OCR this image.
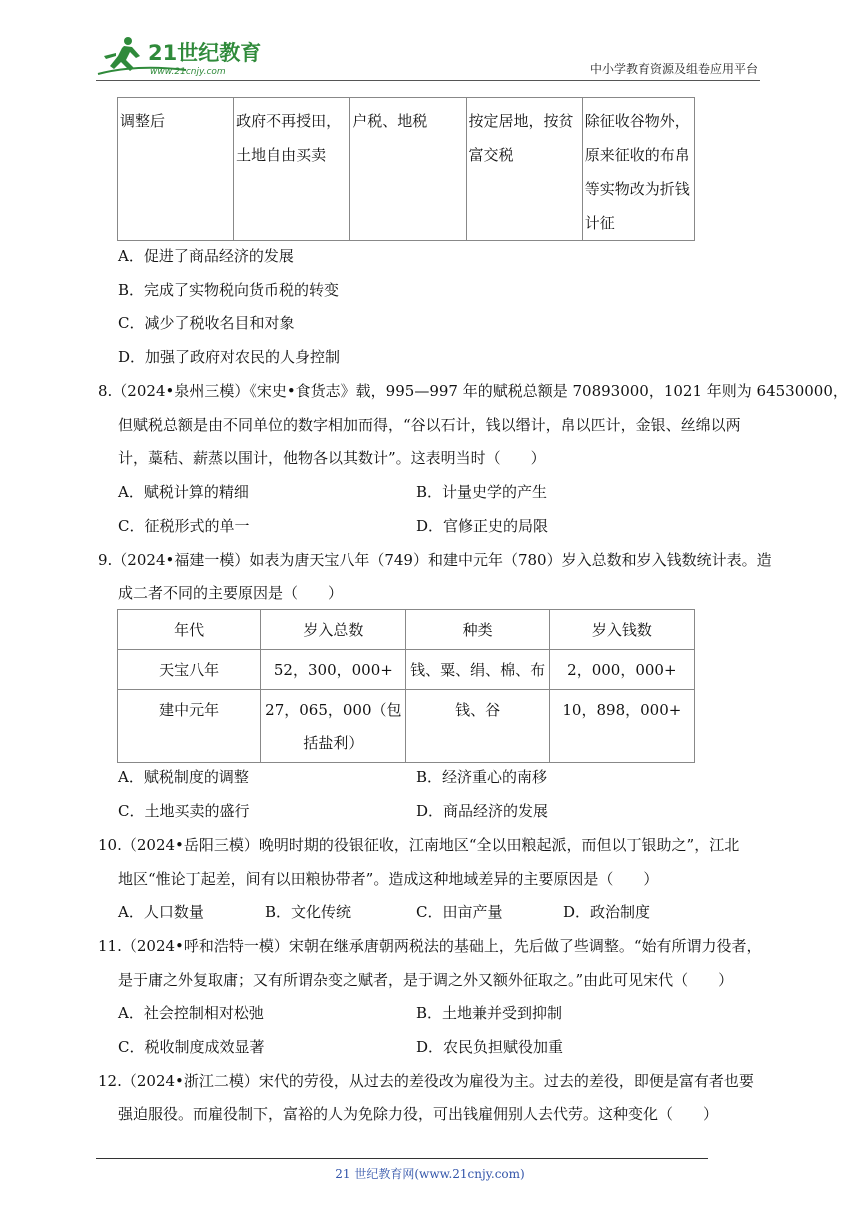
21世纪教育
www.21cnjy.com	中小学教育资源及组卷应用平台
调整后	政府不再授田，土地自由买卖	户税、地税	按定居地，按贫富交税	除征收谷物外，原来征收的布帛等实物改为折钱计征
A．促进了商品经济的发展
B．完成了实物税向货币税的转变
C．减少了税收名目和对象
D．加强了政府对农民的人身控制
8.（2024•泉州三模）《宋史•食货志》载，995—997 年的赋税总额是 70893000，1021 年则为 64530000，
但赋税总额是由不同单位的数字相加而得，“谷以石计，钱以缗计，帛以匹计，金银、丝绵以两
计，藁秸、薪蒸以围计，他物各以其数计”。这表明当时（　　）
A．赋税计算的精细	B．计量史学的产生
C．征税形式的单一	D．官修正史的局限
9.（2024•福建一模）如表为唐天宝八年（749）和建中元年（780）岁入总数和岁入钱数统计表。造
成二者不同的主要原因是（　　）
年代	岁入总数	种类	岁入钱数
天宝八年	52，300，000+	钱、粟、绢、棉、布	2，000，000+
建中元年	27，065，000（包括盐利）	钱、谷	10，898，000+
A．赋税制度的调整	B．经济重心的南移
C．土地买卖的盛行	D．商品经济的发展
10.（2024•岳阳三模）晚明时期的役银征收，江南地区“全以田粮起派，而但以丁银助之”，江北
地区“惟论丁起差，间有以田粮协带者”。造成这种地域差异的主要原因是（　　）
A．人口数量	B．文化传统	C．田亩产量	D．政治制度
11.（2024•呼和浩特一模）宋朝在继承唐朝两税法的基础上，先后做了些调整。“始有所谓力役者，
是于庸之外复取庸；又有所谓杂变之赋者，是于调之外又额外征取之。”由此可见宋代（　　）
A．社会控制相对松弛	B．土地兼并受到抑制
C．税收制度成效显著	D．农民负担赋役加重
12.（2024•浙江二模）宋代的劳役，从过去的差役改为雇役为主。过去的差役，即便是富有者也要
强迫服役。而雇役制下，富裕的人为免除力役，可出钱雇佣别人去代劳。这种变化（　　）
21 世纪教育网(www.21cnjy.com)
